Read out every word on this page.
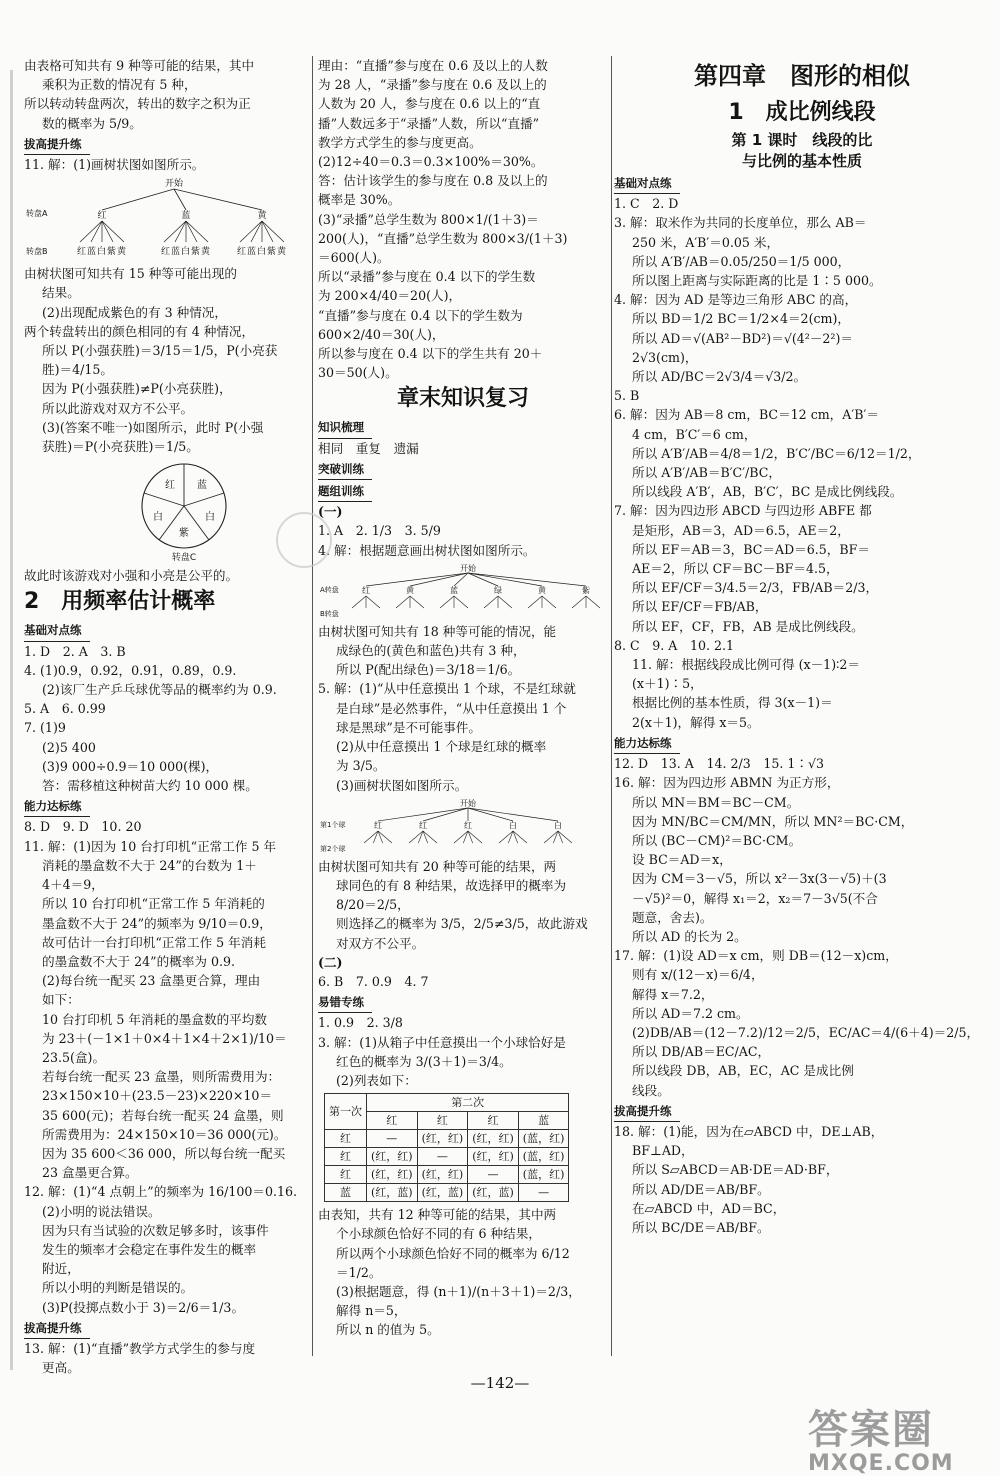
由表格可知共有 9 种等可能的结果，其中
乘积为正数的情况有 5 种，
所以转动转盘两次，转出的数字之积为正
数的概率为 5/9。
拔高提升练
11. 解：(1)画树状图如图所示。
开始
转盘A	红	蓝	黄
转盘B	红蓝白紫黄	红蓝白紫黄	红蓝白紫黄
由树状图可知共有 15 种等可能出现的
结果。
(2)出现配成紫色的有 3 种情况，
两个转盘转出的颜色相同的有 4 种情况，
所以 P(小强获胜)＝3/15＝1/5，P(小亮获
胜)＝4/15。
因为 P(小强获胜)≠P(小亮获胜)，
所以此游戏对双方不公平。
(3)(答案不唯一)如图所示，此时 P(小强
获胜)＝P(小亮获胜)＝1/5。
红 蓝
白
白
紫
转盘C
故此时该游戏对小强和小亮是公平的。
2　用频率估计概率
基础对点练
1. D　2. A　3. B
4. (1)0.9，0.92，0.91，0.89，0.9.
(2)该厂生产乒乓球优等品的概率约为 0.9.
5. A　6. 0.99
7. (1)9
(2)5 400
(3)9 000÷0.9＝10 000(棵)，
答：需移植这种树苗大约 10 000 棵。
能力达标练
8. D　9. D　10. 20
11. 解：(1)因为 10 台打印机“正常工作 5 年
消耗的墨盒数不大于 24”的台数为 1＋
4＋4＝9，
所以 10 台打印机“正常工作 5 年消耗的
墨盒数不大于 24”的频率为 9/10＝0.9，
故可估计一台打印机“正常工作 5 年消耗
的墨盒数不大于 24”的概率为 0.9.
(2)每台统一配买 23 盒墨更合算，理由
如下：
10 台打印机 5 年消耗的墨盒数的平均数
为 23＋(－1×1＋0×4＋1×4＋2×1)/10＝
23.5(盒)。
若每台统一配买 23 盒墨，则所需费用为：
23×150×10＋(23.5－23)×220×10＝
35 600(元)；若每台统一配买 24 盒墨，则
所需费用为：24×150×10＝36 000(元)。
因为 35 600＜36 000，所以每台统一配买
23 盒墨更合算。
12. 解：(1)“4 点朝上”的频率为 16/100＝0.16.
(2)小明的说法错误。
因为只有当试验的次数足够多时，该事件
发生的频率才会稳定在事件发生的概率
附近，
所以小明的判断是错误的。
(3)P(投掷点数小于 3)＝2/6＝1/3。
拔高提升练
13. 解：(1)“直播”教学方式学生的参与度
更高。
理由：“直播”参与度在 0.6 及以上的人数
为 28 人，“录播”参与度在 0.6 及以上的
人数为 20 人，参与度在 0.6 以上的“直
播”人数远多于“录播”人数，所以“直播”
教学方式学生的参与度更高。
(2)12÷40＝0.3＝0.3×100%＝30%。
答：估计该学生的参与度在 0.8 及以上的
概率是 30%。
(3)“录播”总学生数为 800×1/(1＋3)＝
200(人)，“直播”总学生数为 800×3/(1＋3)
＝600(人)。
所以“录播”参与度在 0.4 以下的学生数
为 200×4/40＝20(人)，
“直播”参与度在 0.4 以下的学生数为
600×2/40＝30(人)，
所以参与度在 0.4 以下的学生共有 20＋
30＝50(人)。
章末知识复习
知识梳理
相同　重复　遗漏
突破训练
题组训练
(一)
1. A　2. 1/3　3. 5/9
4. 解：根据题意画出树状图如图所示。
开始
A转盘	红	黄	蓝	绿	黄	紫
B转盘
由树状图可知共有 18 种等可能的情况，能
成绿色的(黄色和蓝色)共有 3 种，
所以 P(配出绿色)＝3/18＝1/6。
5. 解：(1)“从中任意摸出 1 个球，不是红球就
是白球”是必然事件，“从中任意摸出 1 个
球是黑球”是不可能事件。
(2)从中任意摸出 1 个球是红球的概率
为 3/5。
(3)画树状图如图所示。
开始
第1个球	红	红	红	白	白
第2个球
由树状图可知共有 20 种等可能的结果，两
球同色的有 8 种结果，故选择甲的概率为
8/20＝2/5，
则选择乙的概率为 3/5，2/5≠3/5，故此游戏
对双方不公平。
(二)
6. B　7. 0.9　4. 7
易错专练
1. 0.9　2. 3/8
3. 解：(1)从箱子中任意摸出一个小球恰好是
红色的概率为 3/(3＋1)＝3/4。
(2)列表如下：
第一次	第二次			
	红	红	红	蓝
红	—	(红，红)	(红，红)	(蓝，红)
红	(红，红)	—	(红，红)	(蓝，红)
红	(红，红)	(红，红)	—	(蓝，红)
蓝	(红，蓝)	(红，蓝)	(红，蓝)	—
由表知，共有 12 种等可能的结果，其中两
个小球颜色恰好不同的有 6 种结果，
所以两个小球颜色恰好不同的概率为 6/12
＝1/2。
(3)根据题意，得 (n＋1)/(n＋3＋1)＝2/3，
解得 n＝5，
所以 n 的值为 5。
第四章　图形的相似
1　成比例线段
第 1 课时　线段的比
与比例的基本性质
基础对点练
1. C　2. D
3. 解：取米作为共同的长度单位，那么 AB＝
250 米，A′B′＝0.05 米，
所以 A′B′/AB＝0.05/250＝1/5 000，
所以图上距离与实际距离的比是 1∶5 000。
4. 解：因为 AD 是等边三角形 ABC 的高，
所以 BD＝1/2 BC＝1/2×4＝2(cm)，
所以 AD＝√(AB²－BD²)＝√(4²－2²)＝
2√3(cm)，
所以 AD/BC＝2√3/4＝√3/2。
5. B
6. 解：因为 AB＝8 cm，BC＝12 cm，A′B′＝
4 cm，B′C′＝6 cm，
所以 A′B′/AB＝4/8＝1/2，B′C′/BC＝6/12＝1/2，
所以 A′B′/AB＝B′C′/BC，
所以线段 A′B′，AB，B′C′，BC 是成比例线段。
7. 解：因为四边形 ABCD 与四边形 ABFE 都
是矩形，AB＝3，AD＝6.5，AE＝2，
所以 EF＝AB＝3，BC＝AD＝6.5，BF＝
AE＝2，所以 CF＝BC－BF＝4.5，
所以 EF/CF＝3/4.5＝2/3，FB/AB＝2/3，
所以 EF/CF＝FB/AB，
所以 EF，CF，FB，AB 是成比例线段。
8. C　9. A　10. 2.1
11. 解：根据线段成比例可得 (x－1)∶2＝
(x＋1)∶5，
根据比例的基本性质，得 3(x－1)＝
2(x＋1)，解得 x＝5。
能力达标练
12. D　13. A　14. 2/3　15. 1∶√3
16. 解：因为四边形 ABMN 为正方形，
所以 MN＝BM＝BC－CM。
因为 MN/BC＝CM/MN，所以 MN²＝BC·CM，
所以 (BC－CM)²＝BC·CM。
设 BC＝AD＝x，
因为 CM＝3－√5，所以 x²－3x(3－√5)＋(3
－√5)²＝0，解得 x₁＝2，x₂＝7－3√5(不合
题意，舍去)。
所以 AD 的长为 2。
17. 解：(1)设 AD＝x cm，则 DB＝(12－x)cm，
则有 x/(12－x)＝6/4，
解得 x＝7.2，
所以 AD＝7.2 cm。
(2)DB/AB＝(12－7.2)/12＝2/5，EC/AC＝4/(6＋4)＝2/5，
所以 DB/AB＝EC/AC，
所以线段 DB，AB，EC，AC 是成比例
线段。
拔高提升练
18. 解：(1)能，因为在▱ABCD 中，DE⊥AB，
BF⊥AD，
所以 S▱ABCD＝AB·DE＝AD·BF，
所以 AD/DE＝AB/BF。
在▱ABCD 中，AD＝BC，
所以 BC/DE＝AB/BF。
—142—
答案圈
MXQE.COM
